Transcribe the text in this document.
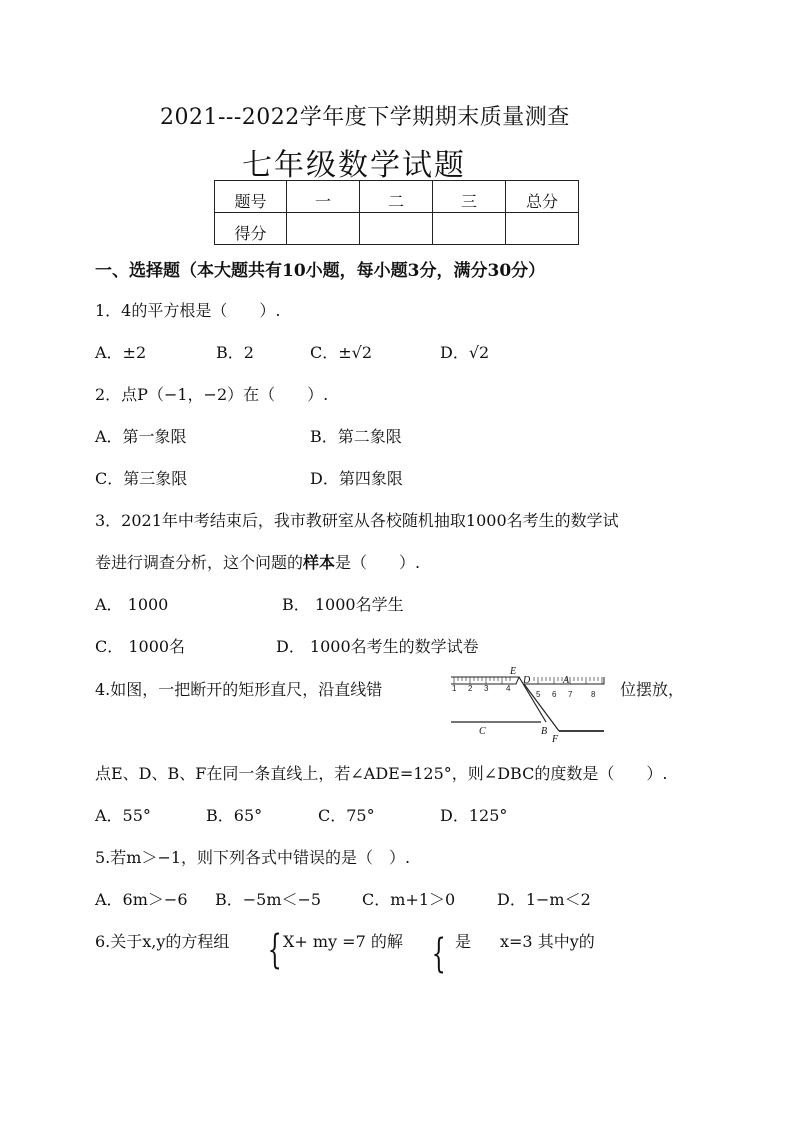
2021---2022学年度下学期期末质量测查
七年级数学试题
题号	一	二	三	总分
得分				
一、选择题（本大题共有10小题，每小题3分，满分30分）
1．4的平方根是（　　）.
A．±2	B．2	C．±√2	D．√2
2．点P（−1，−2）在（　　）.
A．第一象限	B．第二象限
C．第三象限	D．第四象限
3．2021年中考结束后，我市教研室从各校随机抽取1000名考生的数学试
卷进行调查分析，这个问题的样本是（　　）.
A． 1000	B． 1000名学生
C． 1000名	D． 1000名考生的数学试卷
4.如图，一把断开的矩形直尺，沿直线错	1 2 3 4
5 6 7 8
E
D	A
C	B
F
位摆放，
点E、D、B、F在同一条直线上，若∠ADE=125°，则∠DBC的度数是（　　）.
A．55°	B．65°	C．75°	D．125°
5.若m＞−1，则下列各式中错误的是（　）.
A．6m＞−6 B．−5m＜−5	C．m+1＞0	D．1−m＜2
6.关于x,y的方程组 { X+ my =7 的解 { 是 x=3 其中y的
